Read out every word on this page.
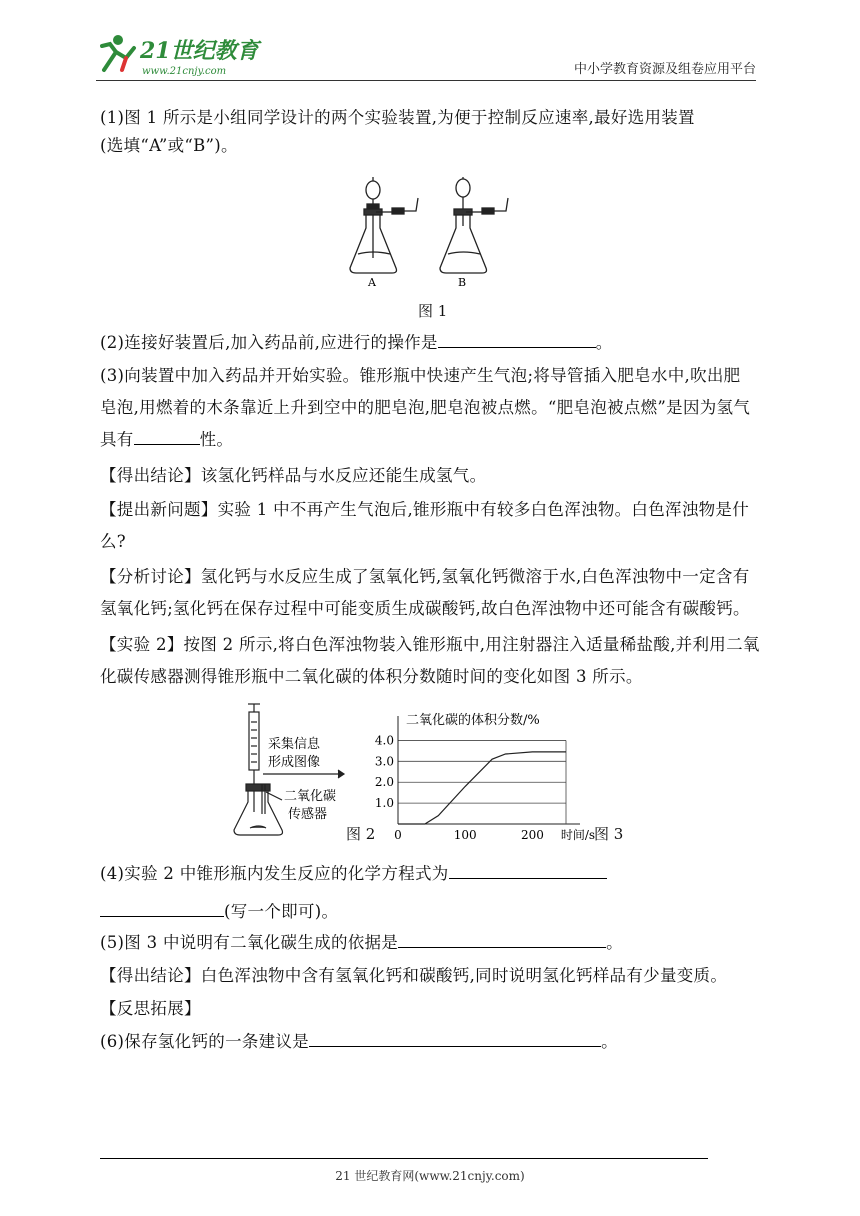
21世纪教育
www.21cnjy.com	中小学教育资源及组卷应用平台
(1)图 1 所示是小组同学设计的两个实验装置,为便于控制反应速率,最好选用装置
(选填“A”或“B”)。
A	B
图 1
(2)连接好装置后,加入药品前,应进行的操作是	。
(3)向装置中加入药品并开始实验。锥形瓶中快速产生气泡;将导管插入肥皂水中,吹出肥
皂泡,用燃着的木条靠近上升到空中的肥皂泡,肥皂泡被点燃。“肥皂泡被点燃”是因为氢气
具有	性。
【得出结论】该氢化钙样品与水反应还能生成氢气。
【提出新问题】实验 1 中不再产生气泡后,锥形瓶中有较多白色浑浊物。白色浑浊物是什
么?
【分析讨论】氢化钙与水反应生成了氢氧化钙,氢氧化钙微溶于水,白色浑浊物中一定含有
氢氧化钙;氢化钙在保存过程中可能变质生成碳酸钙,故白色浑浊物中还可能含有碳酸钙。
【实验 2】按图 2 所示,将白色浑浊物装入锥形瓶中,用注射器注入适量稀盐酸,并利用二氧
化碳传感器测得锥形瓶中二氧化碳的体积分数随时间的变化如图 3 所示。
采集信息
形成图像
二氧化碳
传感器
图 2
二氧化碳的体积分数/%
1.0
2.0
3.0
4.0
0	100	200 时间/s
图 3
(4)实验 2 中锥形瓶内发生反应的化学方程式为
(写一个即可)。
(5)图 3 中说明有二氧化碳生成的依据是	。
【得出结论】白色浑浊物中含有氢氧化钙和碳酸钙,同时说明氢化钙样品有少量变质。
【反思拓展】
(6)保存氢化钙的一条建议是	。
21 世纪教育网(www.21cnjy.com)
